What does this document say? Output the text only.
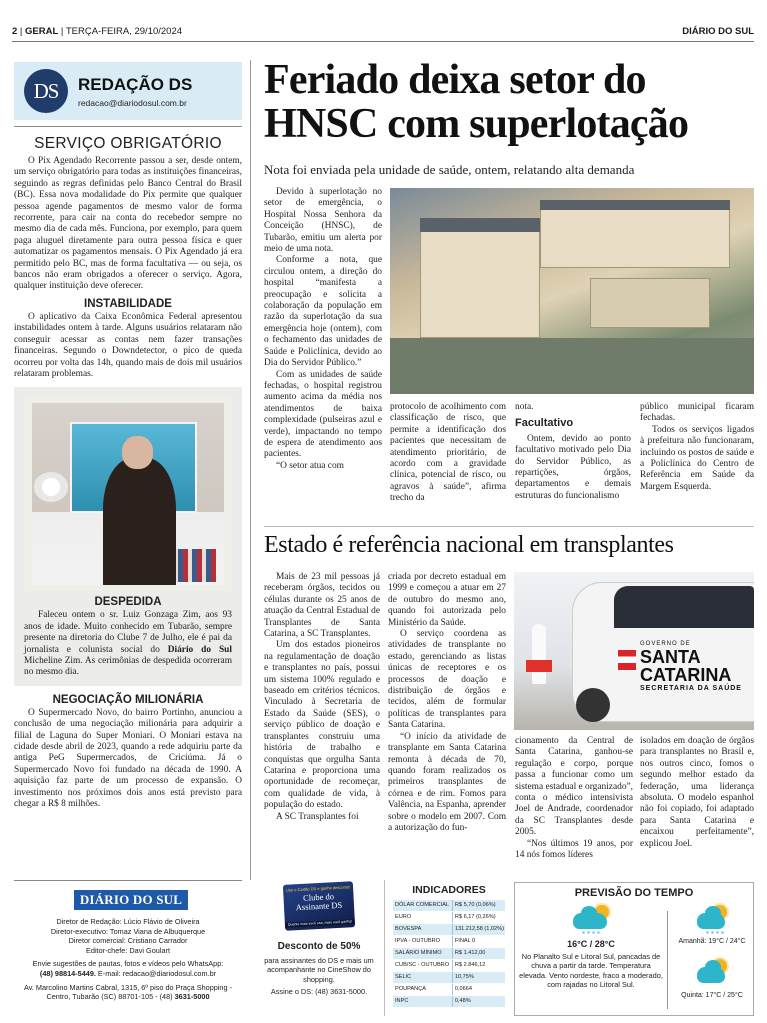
2 | GERAL | TERÇA-FEIRA, 29/10/2024	DIÁRIO DO SUL
DS	REDAÇÃO DS
redacao@diariodosul.com.br
SERVIÇO OBRIGATÓRIO

O Pix Agendado Recorrente passou a ser, desde ontem, um serviço obrigatório para todas as instituições financeiras, seguindo as regras definidas pelo Banco Central do Brasil (BC). Essa nova modalidade do Pix permite que qualquer pessoa agende pagamentos de mesmo valor de forma recorrente, para cair na conta do recebedor sempre no mesmo dia de cada mês. Funciona, por exemplo, para quem paga aluguel diretamente para outra pessoa física e quer automatizar os pagamentos mensais. O Pix Agendado já era permitido pelo BC, mas de forma facultativa — ou seja, os bancos não eram obrigados a oferecer o serviço. Agora, qualquer instituição deve oferecer.

INSTABILIDADE

O aplicativo da Caixa Econômica Federal apresentou instabilidades ontem à tarde. Alguns usuários relataram não conseguir acessar as contas nem fazer transações financeiras. Segundo o Downdetector, o pico de queda ocorreu por volta das 14h, quando mais de dois mil usuários relataram problemas.

DESPEDIDA

Faleceu ontem o sr. Luiz Gonzaga Zim, aos 93 anos de idade. Muito conhecido em Tubarão, sempre presente na diretoria do Clube 7 de Julho, ele é pai da jornalista e colunista social do Diário do Sul Micheline Zim. As cerimônias de despedida ocorreram no mesmo dia.

NEGOCIAÇÃO MILIONÁRIA

O Supermercado Novo, do bairro Portinho, anunciou a conclusão de uma negociação milionária para adquirir a filial de Laguna do Super Moniari. O Moniari estava na cidade desde abril de 2023, quando a rede adquiriu parte da antiga PeG Supermercados, de Criciúma. Já o Supermercado Novo foi fundado na década de 1990. A aquisição faz parte de um processo de expansão. O investimento nos próximos dois anos está previsto para chegar a R$ 8 milhões.

Feriado deixa setor do HNSC com superlotação
Nota foi enviada pela unidade de saúde, ontem, relatando alta demanda

Devido à superlotação no setor de emergência, o Hospital Nossa Senhora da Conceição (HNSC), de Tubarão, emitiu um alerta por meio de uma nota.

Conforme a nota, que circulou ontem, a direção do hospital “manifesta a preocupação e solicita a colaboração da população em razão da superlotação da sua emergência hoje (ontem), com o fechamento das unidades de Saúde e Policlínica, devido ao Dia do Servidor Público.”

Com as unidades de saúde fechadas, o hospital registrou aumento acima da média nos atendimentos de baixa complexidade (pulseiras azul e verde), impactando no tempo de espera de atendimento aos pacientes.

“O setor atua com

protocolo de acolhimento com classificação de risco, que permite a identificação dos pacientes que necessitam de atendimento prioritário, de acordo com a gravidade clínica, potencial de risco, ou agravos à saúde”, afirma trecho da

nota.

Facultativo

Ontem, devido ao ponto facultativo motivado pelo Dia do Servidor Público, as repartições, órgãos, departamentos e demais estruturas do funcionalismo

público municipal ficaram fechadas.

Todos os serviços ligados à prefeitura não funcionaram, incluindo os postos de saúde e a Policlínica do Centro de Referência em Saúde da Margem Esquerda.

Estado é referência nacional em transplantes

Mais de 23 mil pessoas já receberam órgãos, tecidos ou células durante os 25 anos de atuação da Central Estadual de Transplantes de Santa Catarina, a SC Transplantes.

Um dos estados pioneiros na regulamentação de doação e transplantes no país, possui um sistema 100% regulado e baseado em critérios técnicos. Vinculado à Secretaria de Estado da Saúde (SES), o serviço público de doação e transplantes construiu uma história de trabalho e conquistas que orgulha Santa Catarina e proporciona uma oportunidade de recomeçar, com qualidade de vida, à população do estado.

A SC Transplantes foi

criada por decreto estadual em 1999 e começou a atuar em 27 de outubro do mesmo ano, quando foi autorizada pelo Ministério da Saúde.

O serviço coordena as atividades de transplante no estado, gerenciando as listas únicas de receptores e os processos de doação e distribuição de órgãos e tecidos, além de formular políticas de transplantes para Santa Catarina.

“O início da atividade de transplante em Santa Catarina remonta à década de 70, quando foram realizados os primeiros transplantes de córnea e de rim. Fomos para Valência, na Espanha, aprender sobre o modelo em 2007. Com a autorização do fun-

GOVERNO DE
SANTA
CATARINA
SECRETARIA DA SAÚDE

cionamento da Central de Santa Catarina, ganhou-se regulação e corpo, porque passa a funcionar como um sistema estadual e organizado”, conta o médico intensivista Joel de Andrade, coordenador da SC Transplantes desde 2005.

“Nos últimos 19 anos, por 14 nós fomos líderes

isolados em doação de órgãos para transplantes no Brasil e, nos outros cinco, fomos o segundo melhor estado da federação, uma liderança absoluta. O modelo espanhol não foi copiado, foi adaptado para Santa Catarina e encaixou perfeitamente”, explicou Joel.

DIÁRIO DO SUL
Diretor de Redação: Lúcio Flávio de Oliveira
Diretor-executivo: Tomaz Viana de Albuquerque
Diretor comercial: Cristiano Carrador
Editor-chefe: Davi Goulart
Envie sugestões de pautas, fotos e vídeos pelo WhatsApp:
(48) 98814-5449. E-mail: redacao@diariodosul.com.br
Av. Marcolino Martins Cabral, 1315, 6º piso do Praça Shopping -
Centro, Tubarão (SC) 88701-105 - (48) 3631-5000
Use o Cartão DS e ganhe desconto!
Clube do
Assinante DS
Quanto mais você usa, mais você ganha!
Desconto de 50%
para assinantes do DS e mais um acompanhante no CineShow do shopping.
Assine o DS: (48) 3631-5000.
INDICADORES
DÓLAR COMERCIAL	R$ 5,70 (0,06%)
EURO	R$ 6,17 (0,26%)
BOVESPA	131.212,58 (1,02%)
IPVA - OUTUBRO	FINAL 0
SALÁRIO MÍNIMO	R$ 1.412,00
CUB/SC - OUTUBRO	R$ 2.846,12
SELIC	10,75%
POUPANÇA	0,0664
INPC	0,48%
PREVISÃO DO TEMPO
16°C / 28°C
No Planalto Sul e Litoral Sul, pancadas de chuva a partir da tarde. Temperatura elevada. Vento nordeste, fraco a moderado, com rajadas no Litoral Sul.
Amanhã: 19°C / 24°C
Quinta: 17°C / 25°C
